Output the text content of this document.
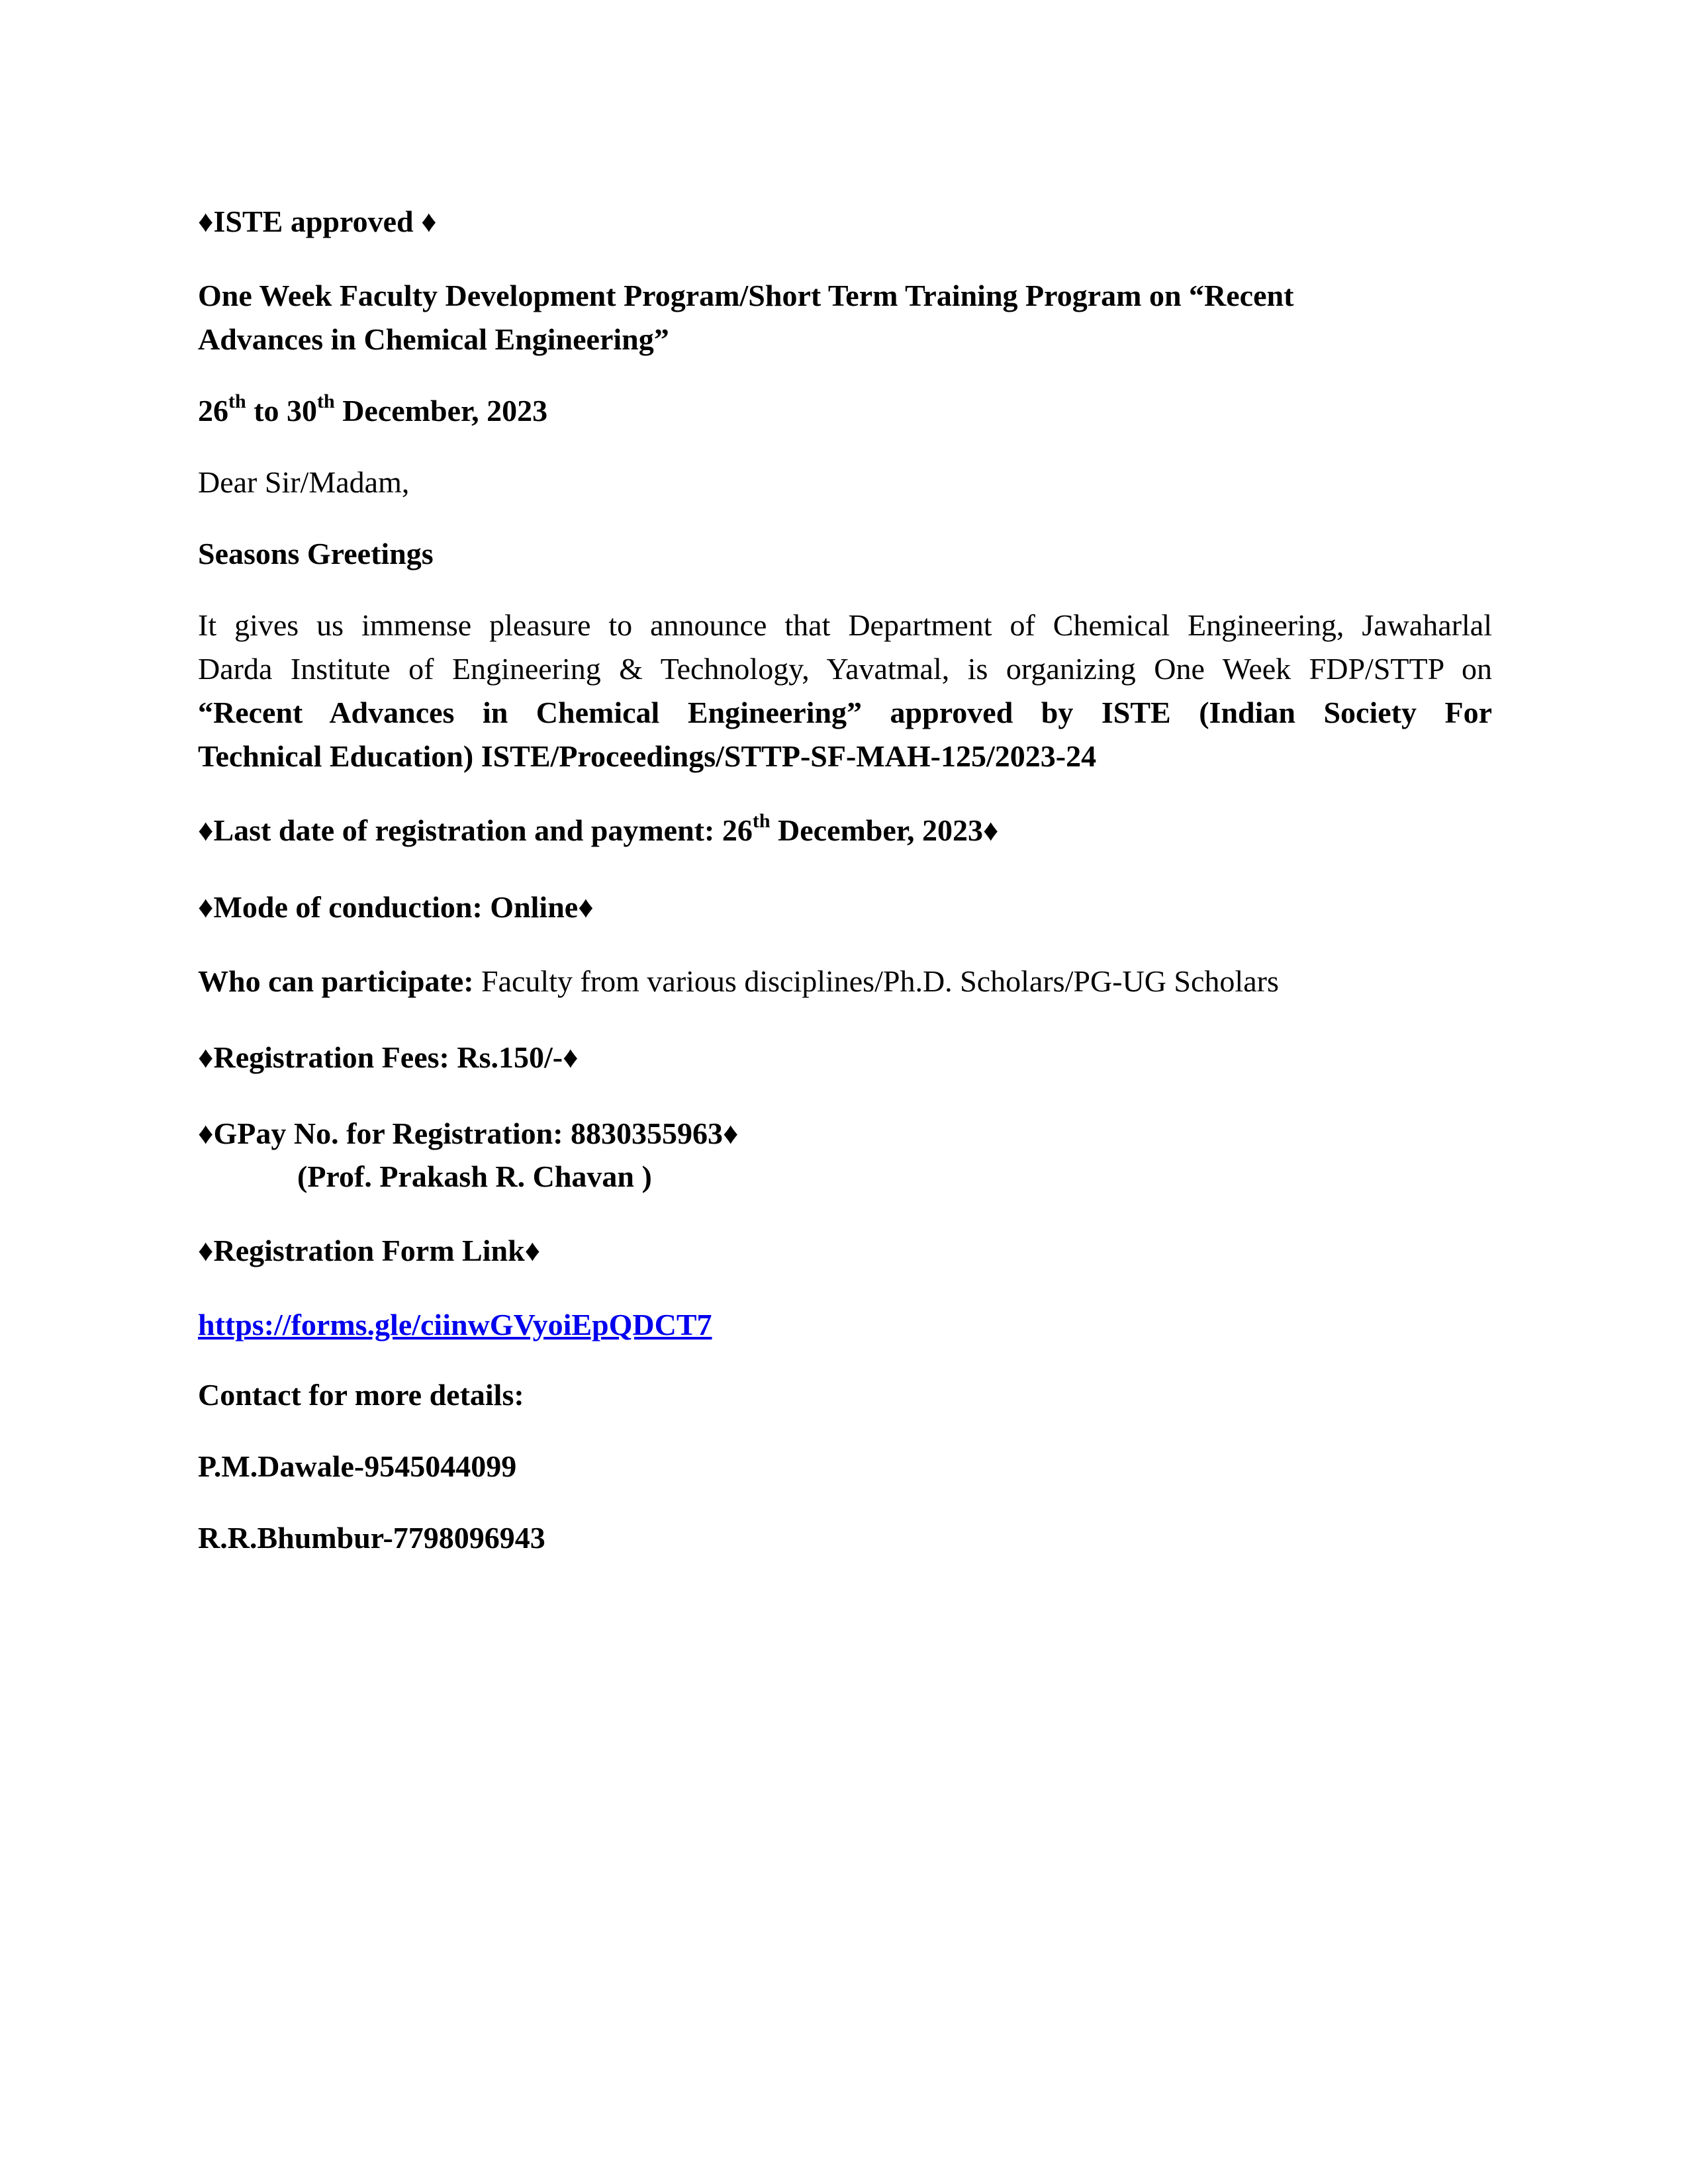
♦ISTE approved ♦
One Week Faculty Development Program/Short Term Training Program on “Recent
Advances in Chemical Engineering”
26th to 30th December, 2023
Dear Sir/Madam,
Seasons Greetings
It gives us immense pleasure to announce that Department of Chemical Engineering, Jawaharlal
Darda Institute of Engineering & Technology, Yavatmal, is organizing One Week FDP/STTP on
“Recent Advances in Chemical Engineering” approved by ISTE (Indian Society For
Technical Education) ISTE/Proceedings/STTP-SF-MAH-125/2023-24
♦Last date of registration and payment: 26th December, 2023♦
♦Mode of conduction: Online♦
Who can participate: Faculty from various disciplines/Ph.D. Scholars/PG-UG Scholars
♦Registration Fees: Rs.150/-♦
♦GPay No. for Registration: 8830355963♦
(Prof. Prakash R. Chavan )
♦Registration Form Link♦
https://forms.gle/ciinwGVyoiEpQDCT7
Contact for more details:
P.M.Dawale-9545044099
R.R.Bhumbur-7798096943
